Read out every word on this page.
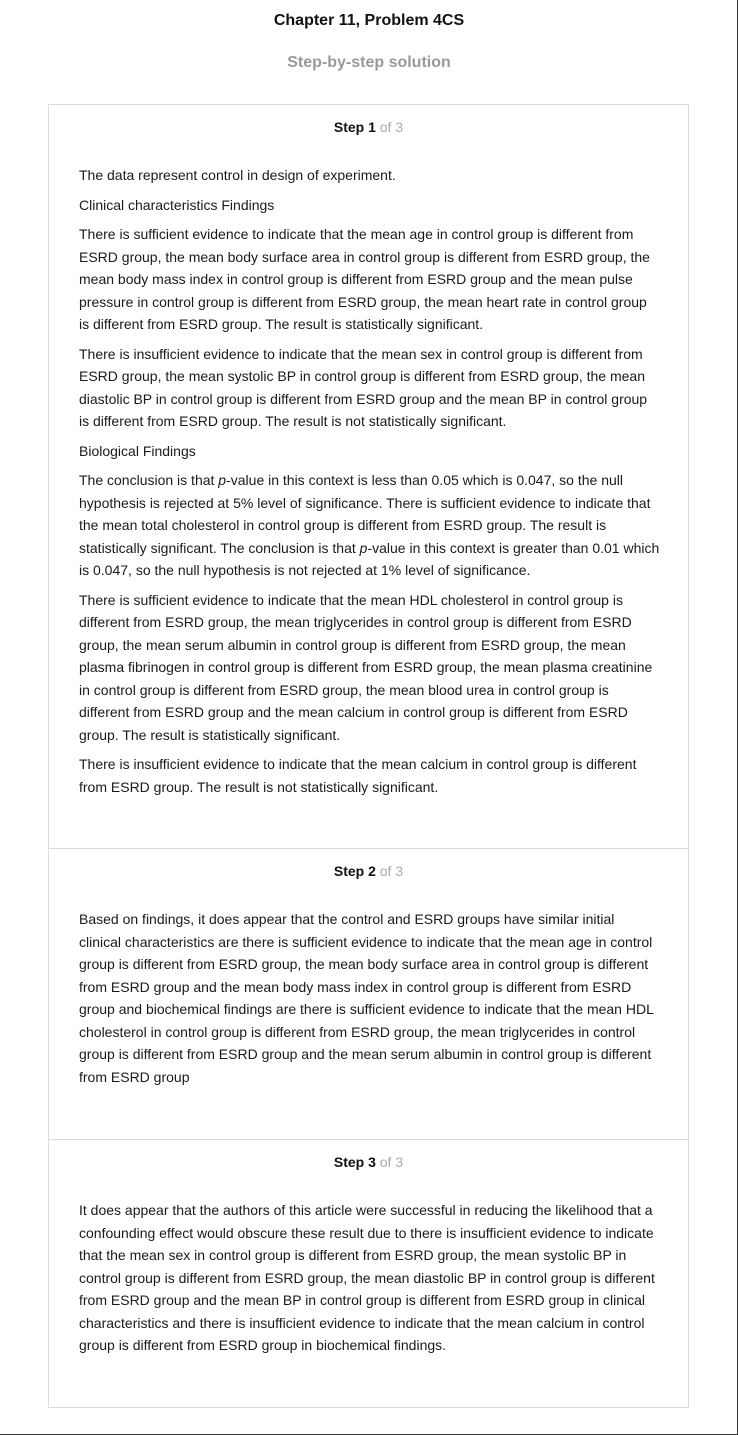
Chapter 11, Problem 4CS
Step-by-step solution
Step 1 of 3

The data represent control in design of experiment.

Clinical characteristics Findings

There is sufficient evidence to indicate that the mean age in control group is different from ESRD group, the mean body surface area in control group is different from ESRD group, the mean body mass index in control group is different from ESRD group and the mean pulse pressure in control group is different from ESRD group, the mean heart rate in control group is different from ESRD group. The result is statistically significant.

There is insufficient evidence to indicate that the mean sex in control group is different from ESRD group, the mean systolic BP in control group is different from ESRD group, the mean diastolic BP in control group is different from ESRD group and the mean BP in control group is different from ESRD group. The result is not statistically significant.

Biological Findings

The conclusion is that p-value in this context is less than 0.05 which is 0.047, so the null hypothesis is rejected at 5% level of significance. There is sufficient evidence to indicate that the mean total cholesterol in control group is different from ESRD group. The result is statistically significant. The conclusion is that p-value in this context is greater than 0.01 which is 0.047, so the null hypothesis is not rejected at 1% level of significance.

There is sufficient evidence to indicate that the mean HDL cholesterol in control group is different from ESRD group, the mean triglycerides in control group is different from ESRD group, the mean serum albumin in control group is different from ESRD group, the mean plasma fibrinogen in control group is different from ESRD group, the mean plasma creatinine in control group is different from ESRD group, the mean blood urea in control group is different from ESRD group and the mean calcium in control group is different from ESRD group. The result is statistically significant.

There is insufficient evidence to indicate that the mean calcium in control group is different from ESRD group. The result is not statistically significant.

Step 2 of 3

Based on findings, it does appear that the control and ESRD groups have similar initial clinical characteristics are there is sufficient evidence to indicate that the mean age in control group is different from ESRD group, the mean body surface area in control group is different from ESRD group and the mean body mass index in control group is different from ESRD group and biochemical findings are there is sufficient evidence to indicate that the mean HDL cholesterol in control group is different from ESRD group, the mean triglycerides in control group is different from ESRD group and the mean serum albumin in control group is different from ESRD group

Step 3 of 3

It does appear that the authors of this article were successful in reducing the likelihood that a confounding effect would obscure these result due to there is insufficient evidence to indicate that the mean sex in control group is different from ESRD group, the mean systolic BP in control group is different from ESRD group, the mean diastolic BP in control group is different from ESRD group and the mean BP in control group is different from ESRD group in clinical characteristics and there is insufficient evidence to indicate that the mean calcium in control group is different from ESRD group in biochemical findings.
